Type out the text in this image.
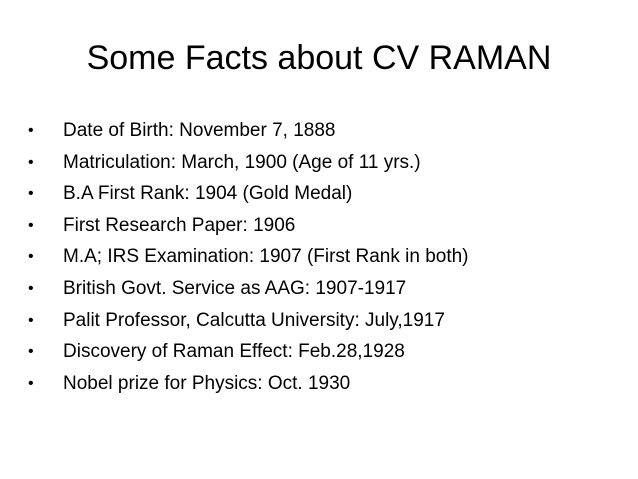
Some Facts about CV RAMAN
•	Date of Birth: November 7, 1888
•	Matriculation: March, 1900 (Age of 11 yrs.)
•	B.A First Rank: 1904 (Gold Medal)
•	First Research Paper: 1906
•	M.A; IRS Examination: 1907 (First Rank in both)
•	British Govt. Service as AAG: 1907-1917
•	Palit Professor, Calcutta University: July,1917
•	Discovery of Raman Effect: Feb.28,1928
•	Nobel prize for Physics: Oct. 1930
